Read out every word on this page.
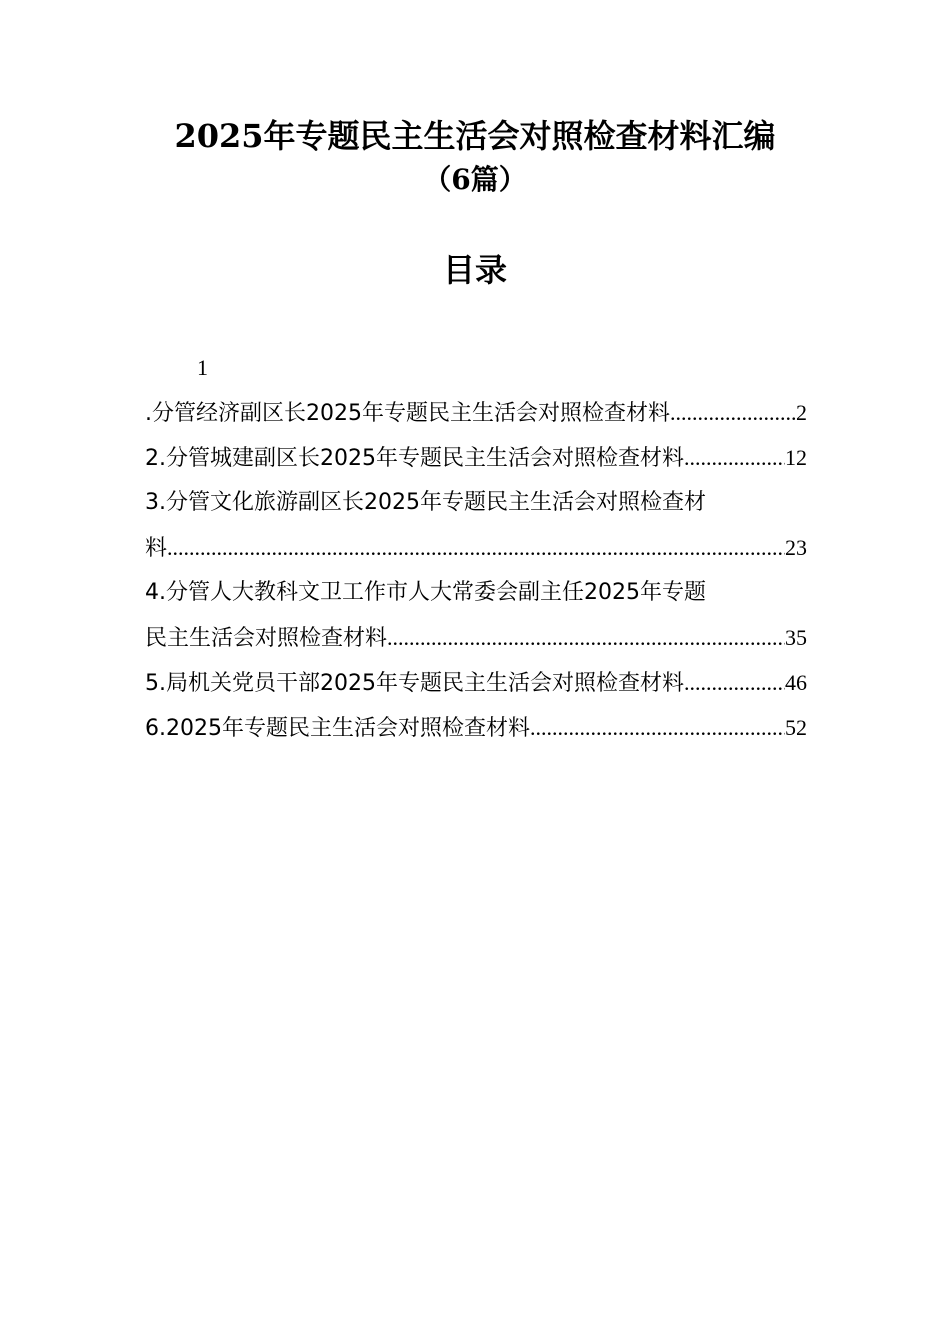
2025年专题民主生活会对照检查材料汇编
（6篇）
目录
1
.分管经济副区长2025年专题民主生活会对照检查材料 .....	2
2.分管城建副区长2025年专题民主生活会对照检查材料 .....	12
3.分管文化旅游副区长2025年专题民主生活会对照检查材
料 .....	23
4.分管人大教科文卫工作市人大常委会副主任2025年专题
民主生活会对照检查材料 .....	35
5.局机关党员干部2025年专题民主生活会对照检查材料 .....	46
6.2025年专题民主生活会对照检查材料 .....	52
